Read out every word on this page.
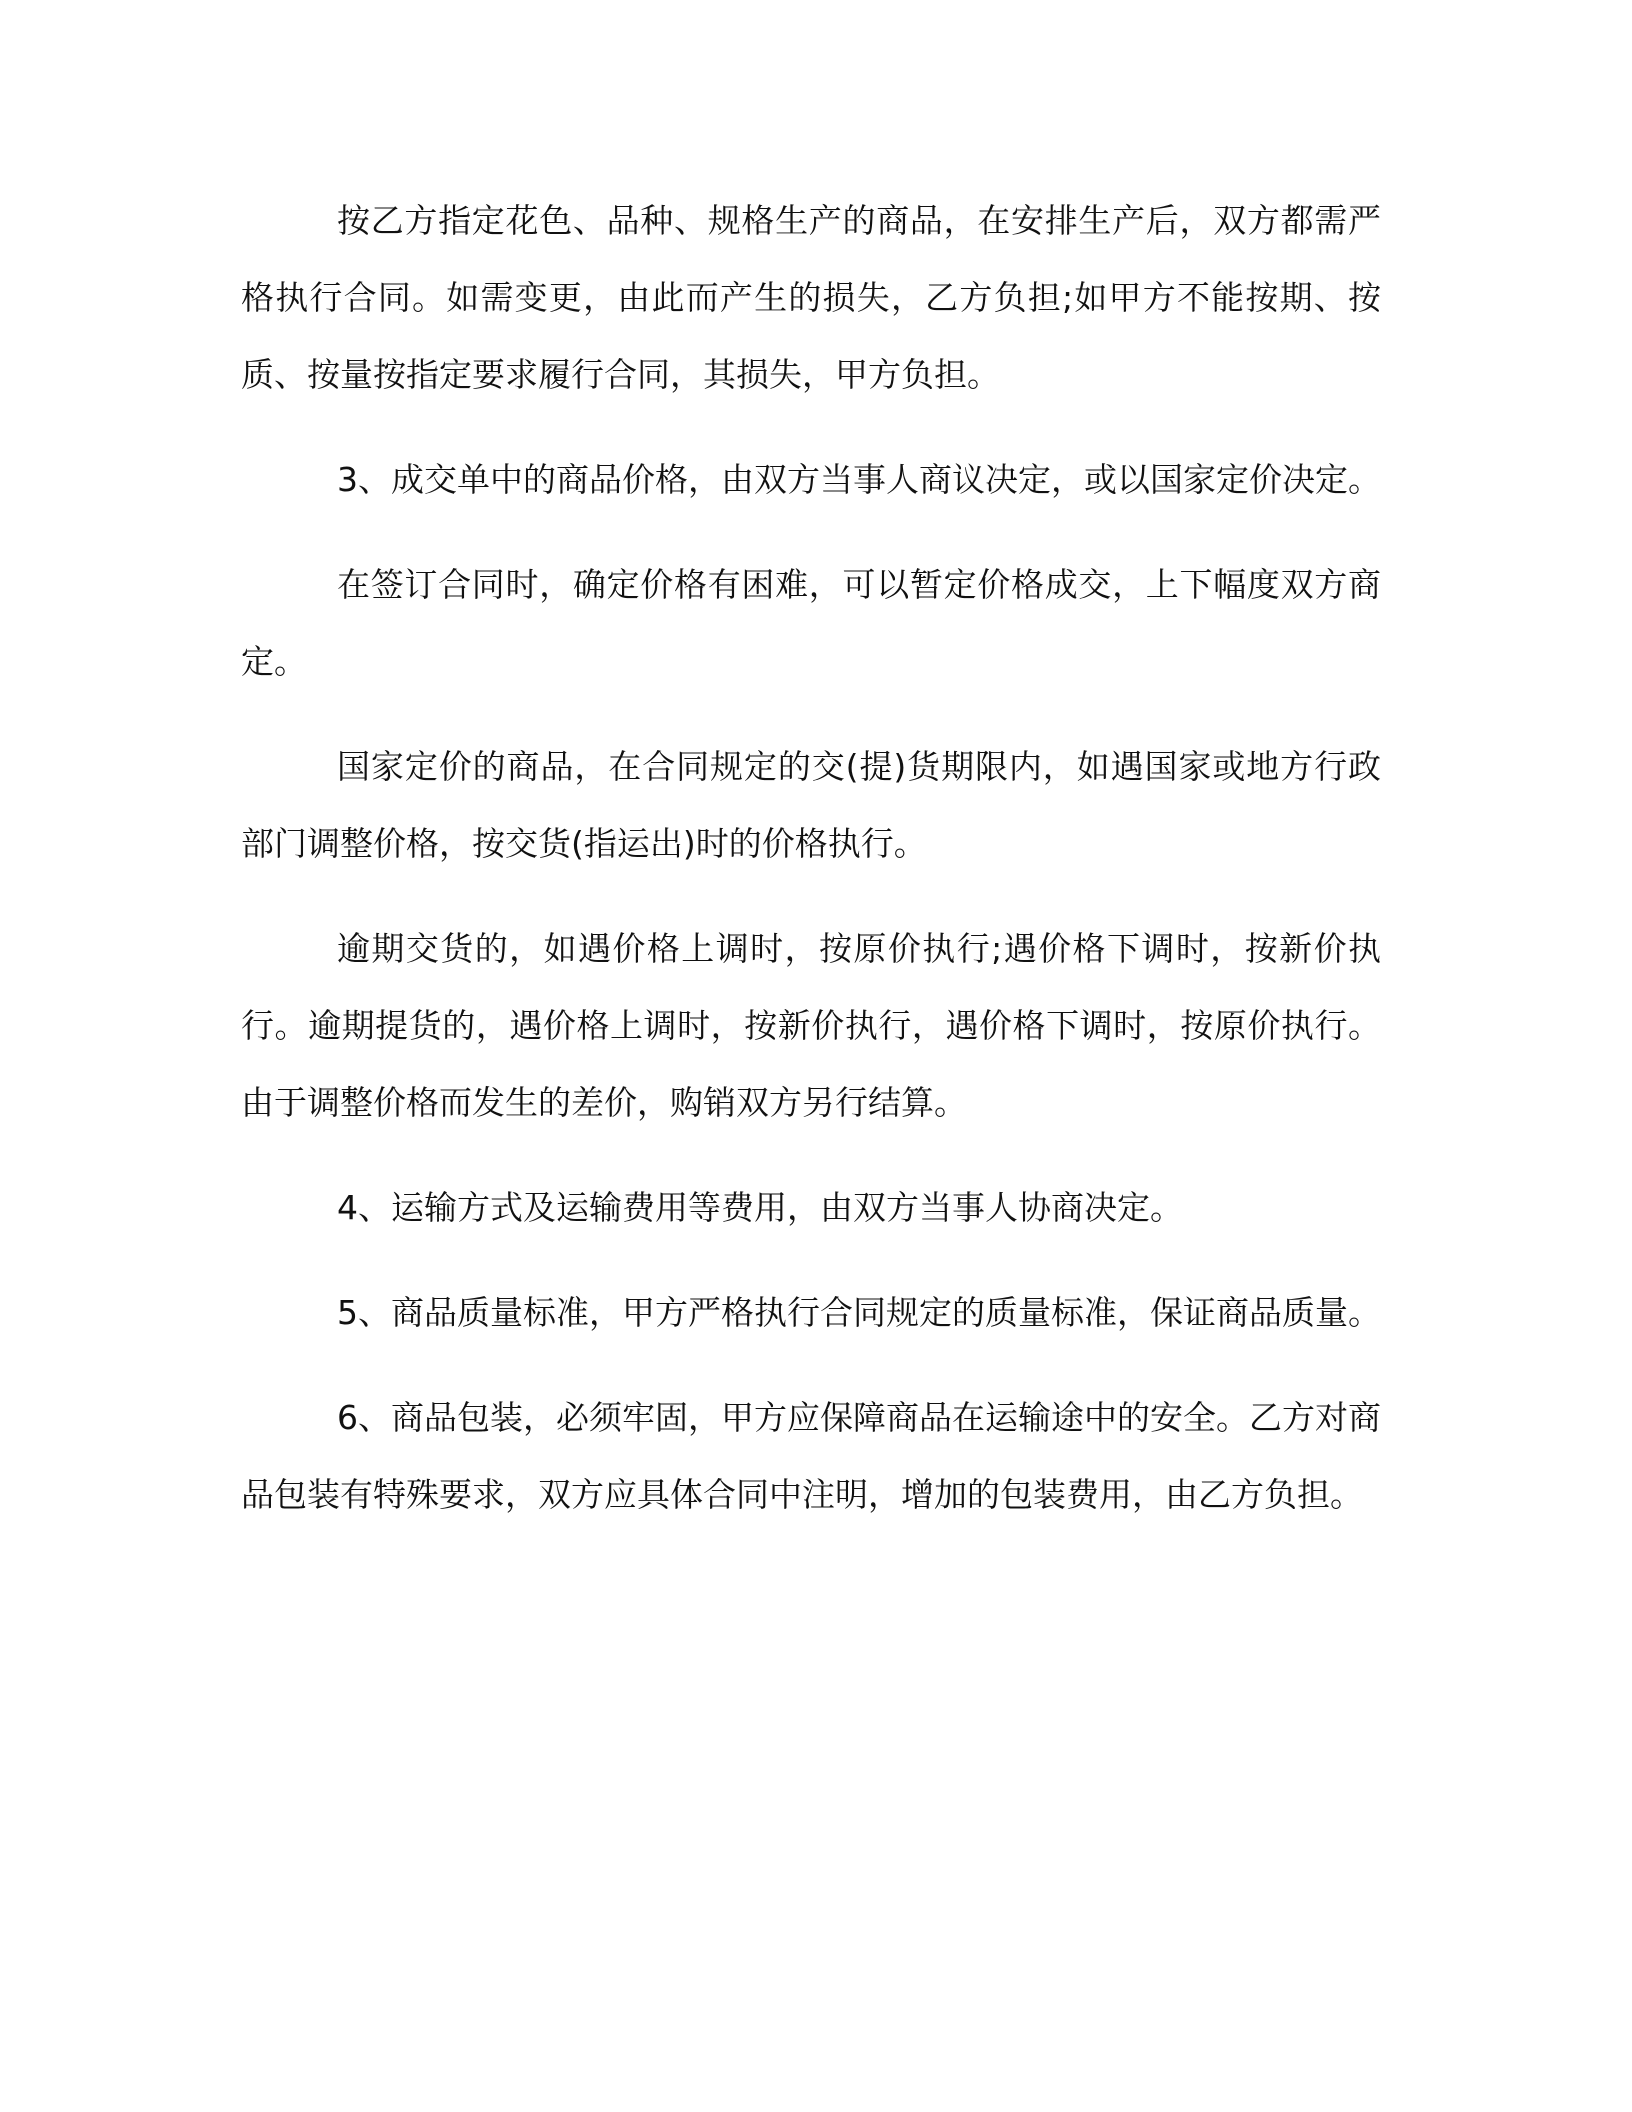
按乙方指定花色、品种、规格生产的商品，在安排生产后，双方都需严格执行合同。如需变更，由此而产生的损失，乙方负担;如甲方不能按期、按质、按量按指定要求履行合同，其损失，甲方负担。

3、成交单中的商品价格，由双方当事人商议决定，或以国家定价决定。

在签订合同时，确定价格有困难，可以暂定价格成交，上下幅度双方商定。

国家定价的商品，在合同规定的交(提)货期限内，如遇国家或地方行政部门调整价格，按交货(指运出)时的价格执行。

逾期交货的，如遇价格上调时，按原价执行;遇价格下调时，按新价执行。逾期提货的，遇价格上调时，按新价执行，遇价格下调时，按原价执行。由于调整价格而发生的差价，购销双方另行结算。

4、运输方式及运输费用等费用，由双方当事人协商决定。

5、商品质量标准，甲方严格执行合同规定的质量标准，保证商品质量。

6、商品包装，必须牢固，甲方应保障商品在运输途中的安全。乙方对商品包装有特殊要求，双方应具体合同中注明，增加的包装费用，由乙方负担。
